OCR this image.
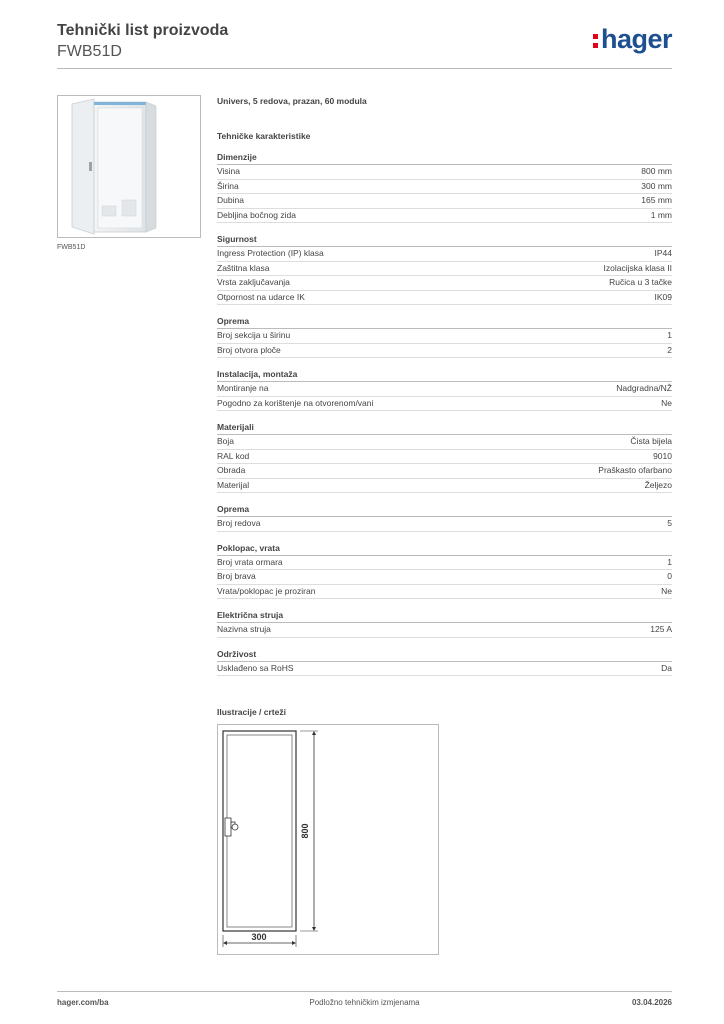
Tehnički list proizvoda
FWB51D	hager
FWB51D

Univers, 5 redova, prazan, 60 modula

Tehničke karakteristike

Dimenzije
Visina	800 mm
Širina	300 mm
Dubina	165 mm
Debljina bočnog zida	1 mm
Sigurnost
Ingress Protection (IP) klasa	IP44
Zaštitna klasa	Izolacijska klasa II
Vrsta zaključavanja	Ručica u 3 tačke
Otpornost na udarce IK	IK09
Oprema
Broj sekcija u širinu	1
Broj otvora ploče	2
Instalacija, montaža
Montiranje na	Nadgradna/NŽ
Pogodno za korištenje na otvorenom/vani	Ne
Materijali
Boja	Čista bijela
RAL kod	9010
Obrada	Praškasto ofarbano
Materijal	Željezo
Oprema
Broj redova	5
Poklopac, vrata
Broj vrata ormara	1
Broj brava	0
Vrata/poklopac je proziran	Ne
Električna struja
Nazivna struja	125 A
Održivost
Usklađeno sa RoHS	Da
Ilustracije / crteži
800
300
hager.com/ba	Podložno tehničkim izmjenama	03.04.2026
